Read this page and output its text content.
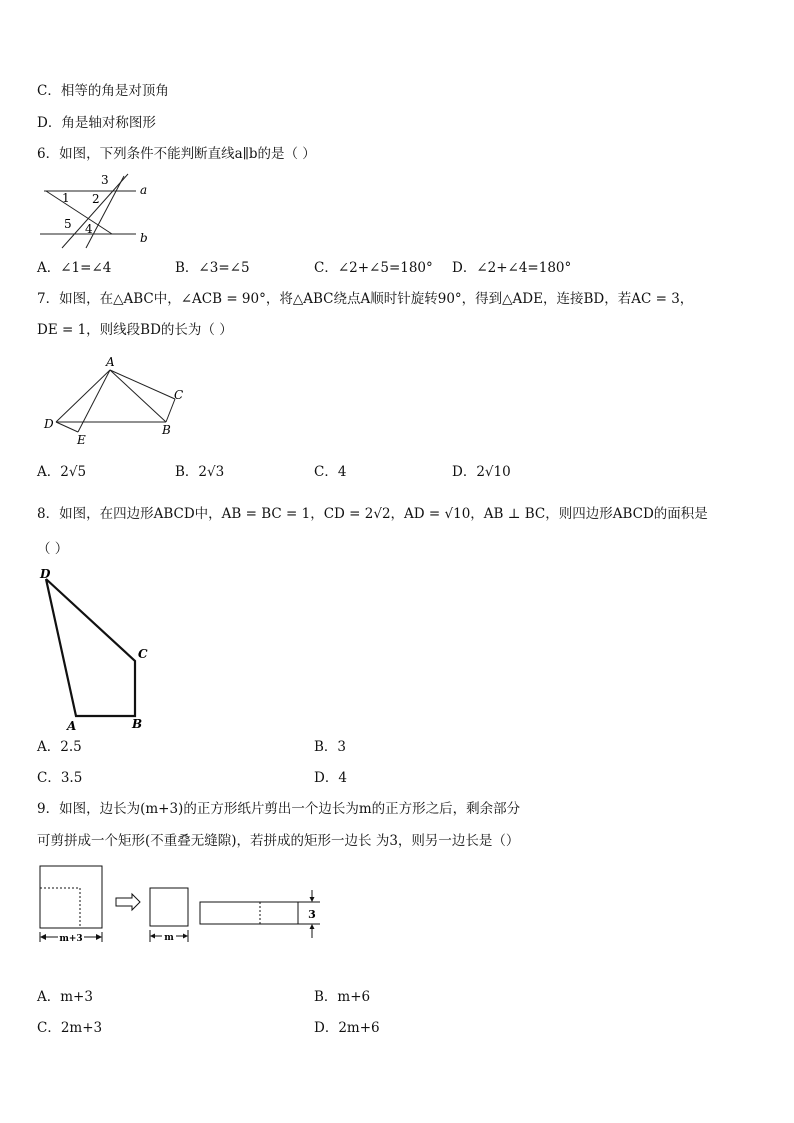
C．相等的角是对顶角
D．角是轴对称图形
6．如图，下列条件不能判断直线a∥b的是（ ）
3
a
1 2
5 4
b
A．∠1=∠4	B．∠3=∠5	C．∠2+∠5=180° D．∠2+∠4=180°
7．如图，在△ABC中，∠ACB = 90°，将△ABC绕点A顺时针旋转90°，得到△ADE，连接BD，若AC = 3，
DE = 1，则线段BD的长为（ ）
A
C
D
E
B
A．2√5	B．2√3	C．4	D．2√10
8．如图，在四边形ABCD中，AB = BC = 1，CD = 2√2，AD = √10，AB ⊥ BC，则四边形ABCD的面积是
（ ）
D
C
A	B
A．2.5	B．3
C．3.5	D．4
9．如图，边长为(m+3)的正方形纸片剪出一个边长为m的正方形之后，剩余部分
可剪拼成一个矩形(不重叠无缝隙)，若拼成的矩形一边长 为3，则另一边长是（）
m+3	m
3
A．m+3	B．m+6
C．2m+3	D．2m+6
